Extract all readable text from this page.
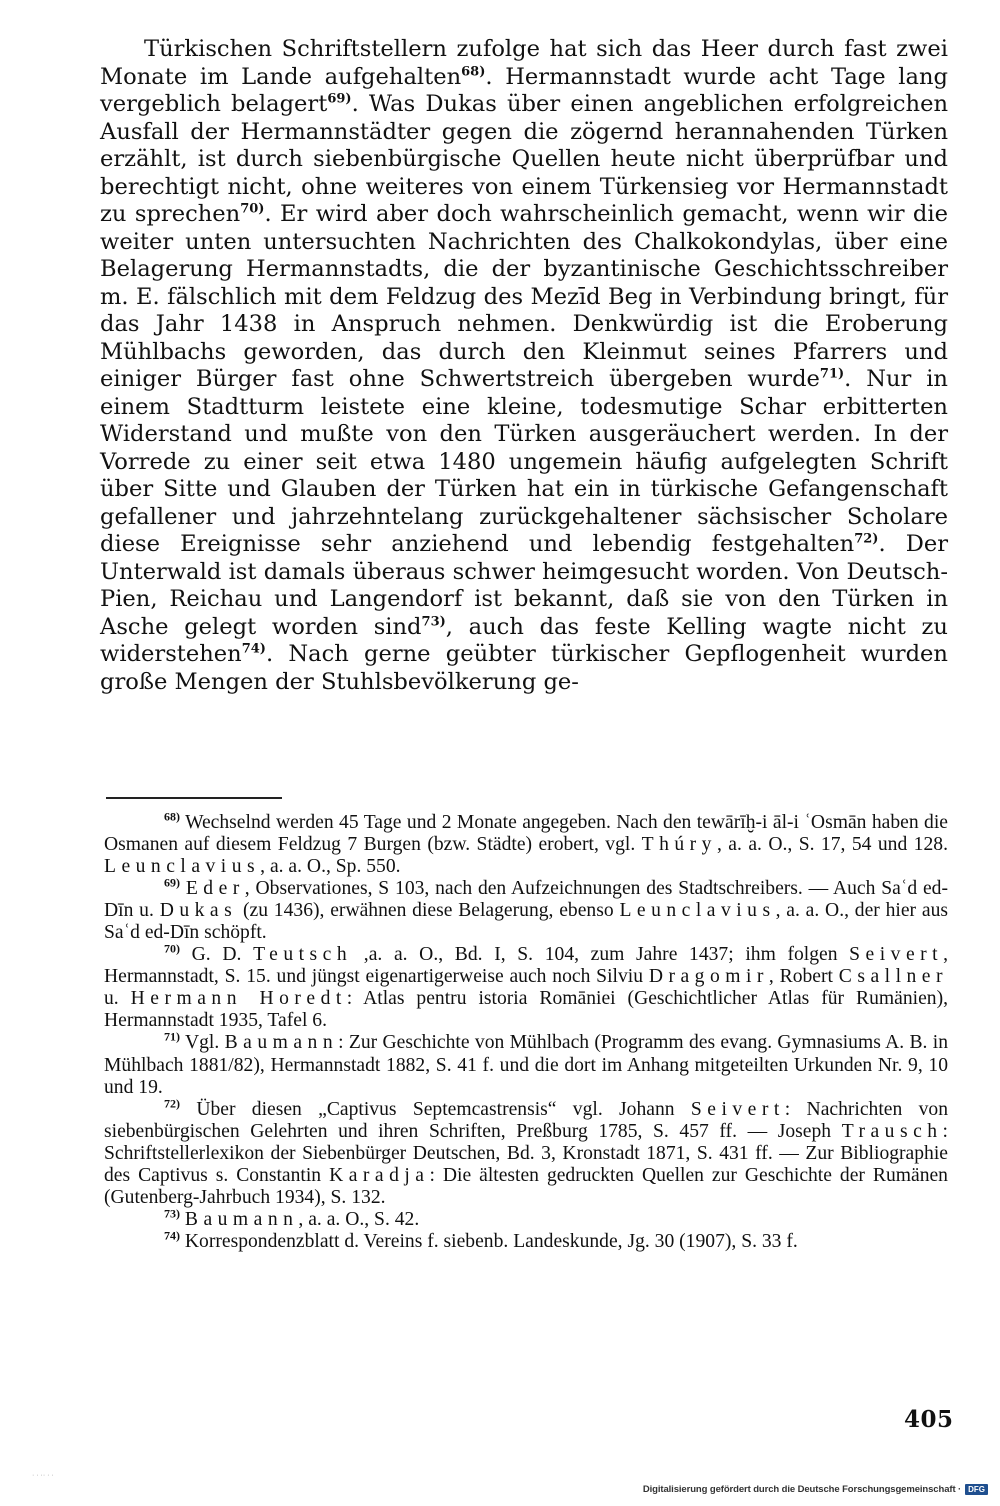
Türkischen Schriftstellern zufolge hat sich das Heer durch fast zwei Monate im Lande aufgehalten$^{68)}$. Hermannstadt wurde acht Tage lang vergeblich belagert$^{69)}$. Was Dukas über einen angeblichen erfolgreichen Ausfall der Hermannstädter gegen die zögernd herannahenden Türken erzählt, ist durch siebenbürgische Quellen heute nicht überprüfbar und berechtigt nicht, ohne weiteres von einem Türkensieg vor Hermannstadt zu sprechen$^{70)}$. Er wird aber doch wahrscheinlich gemacht, wenn wir die weiter unten untersuchten Nachrichten des Chalkokondylas, über eine Belagerung Hermannstadts, die der byzantinische Geschichtsschreiber m. E. fälschlich mit dem Feldzug des Mezīd Beg in Verbindung bringt, für das Jahr 1438 in Anspruch nehmen. Denkwürdig ist die Eroberung Mühlbachs geworden, das durch den Kleinmut seines Pfarrers und einiger Bürger fast ohne Schwertstreich übergeben wurde$^{71)}$. Nur in einem Stadtturm leistete eine kleine, todesmutige Schar erbitterten Widerstand und mußte von den Türken ausgeräuchert werden. In der Vorrede zu einer seit etwa 1480 ungemein häufig aufgelegten Schrift über Sitte und Glauben der Türken hat ein in türkische Gefangenschaft gefallener und jahrzehntelang zurückgehaltener sächsischer Scholare diese Ereignisse sehr anziehend und lebendig festgehalten$^{72)}$. Der Unterwald ist damals überaus schwer heimgesucht worden. Von Deutsch-Pien, Reichau und Langendorf ist bekannt, daß sie von den Türken in Asche gelegt worden sind$^{73)}$, auch das feste Kelling wagte nicht zu widerstehen$^{74)}$. Nach gerne geübter türkischer Gepflogenheit wurden große Mengen der Stuhlsbevölkerung ge-

$^{68)}$ Wechselnd werden 45 Tage und 2 Monate angegeben. Nach den tewārīḫ-i āl-i ʿOsmān haben die Osmanen auf diesem Feldzug 7 Burgen (bzw. Städte) erobert, vgl. Thúry, a. a. O., S. 17, 54 und 128. Leunclavius, a. a. O., Sp. 550.

$^{69)}$ Eder, Observationes, S 103, nach den Aufzeichnungen des Stadtschreibers. — Auch Saʿd ed-Dīn u. Dukas (zu 1436), erwähnen diese Belagerung, ebenso Leunclavius, a. a. O., der hier aus Saʿd ed-Dīn schöpft.

$^{70)}$ G. D. Teutsch ,a. a. O., Bd. I, S. 104, zum Jahre 1437; ihm folgen Seivert, Hermannstadt, S. 15. und jüngst eigenartigerweise auch noch Silviu Dragomir, Robert Csallner u. Hermann Horedt: Atlas pentru istoria Romāniei (Geschichtlicher Atlas für Rumänien), Hermannstadt 1935, Tafel 6.

$^{71)}$ Vgl. Baumann: Zur Geschichte von Mühlbach (Programm des evang. Gymnasiums A. B. in Mühlbach 1881/82), Hermannstadt 1882, S. 41 f. und die dort im Anhang mitgeteilten Urkunden Nr. 9, 10 und 19.

$^{72)}$ Über diesen „Captivus Septemcastrensis“ vgl. Johann Seivert: Nachrichten von siebenbürgischen Gelehrten und ihren Schriften, Preßburg 1785, S. 457 ff. — Joseph Trausch: Schriftstellerlexikon der Siebenbürger Deutschen, Bd. 3, Kronstadt 1871, S. 431 ff. — Zur Bibliographie des Captivus s. Constantin Karadja: Die ältesten gedruckten Quellen zur Geschichte der Rumänen (Gutenberg-Jahrbuch 1934), S. 132.

$^{73)}$ Baumann, a. a. O., S. 42.

$^{74)}$ Korrespondenzblatt d. Vereins f. siebenb. Landeskunde, Jg. 30 (1907), S. 33 f.

405
· · ·· · ·
Digitalisierung gefördert durch die Deutsche Forschungsgemeinschaft · DFG
